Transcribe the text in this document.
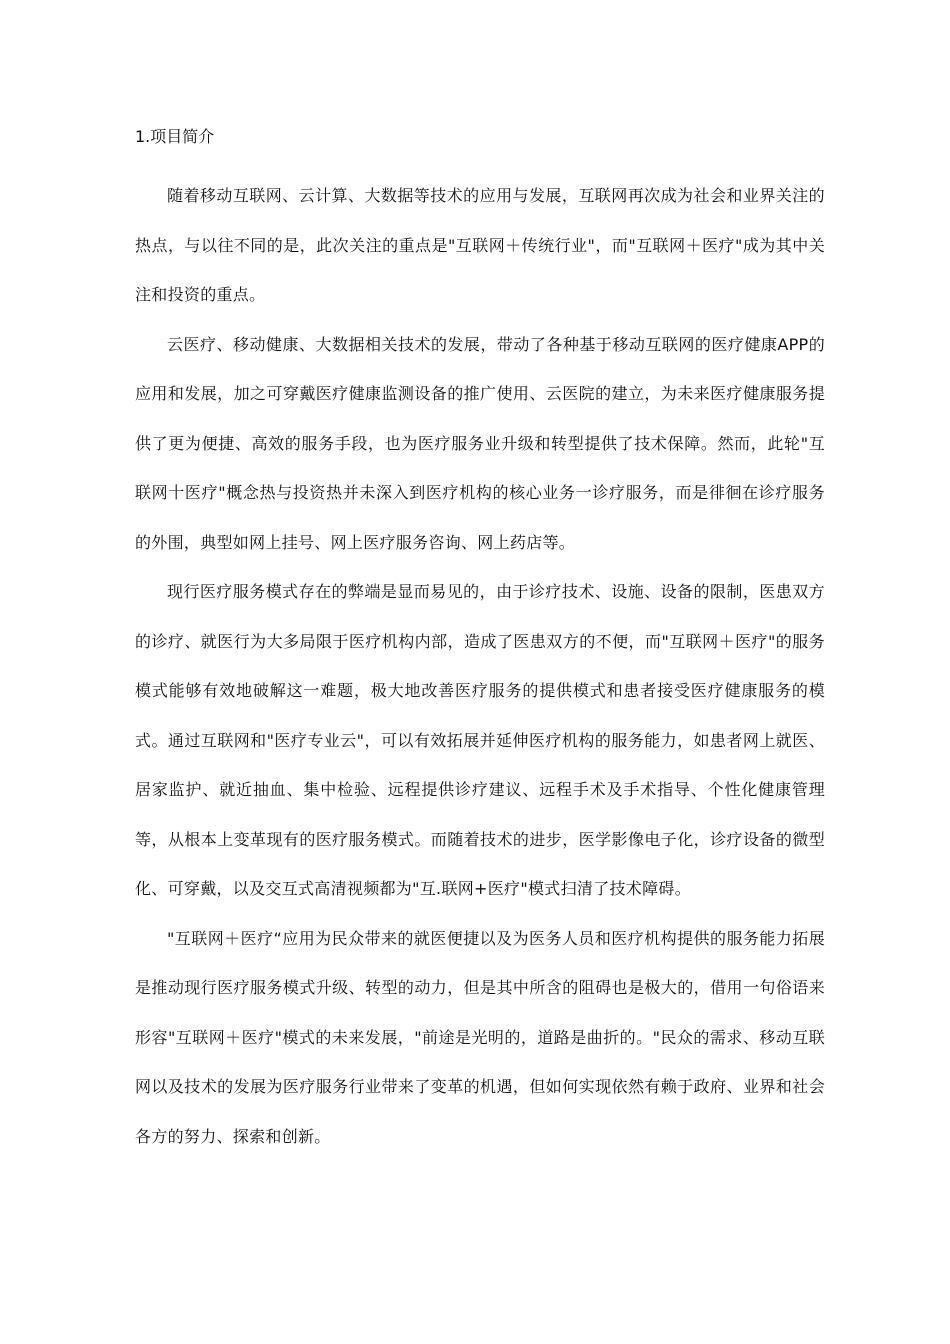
1.项目简介

随着移动互联网、云计算、大数据等技术的应用与发展，互联网再次成为社会和业界关注的热点，与以往不同的是，此次关注的重点是"互联网＋传统行业"，而"互联网＋医疗"成为其中关注和投资的重点。

云医疗、移动健康、大数据相关技术的发展，带动了各种基于移动互联网的医疗健康APP的应用和发展，加之可穿戴医疗健康监测设备的推广使用、云医院的建立，为未来医疗健康服务提供了更为便捷、高效的服务手段，也为医疗服务业升级和转型提供了技术保障。然而，此轮"互联网十医疗"概念热与投资热并未深入到医疗机构的核心业务一诊疗服务，而是徘徊在诊疗服务的外围，典型如网上挂号、网上医疗服务咨询、网上药店等。

现行医疗服务模式存在的弊端是显而易见的，由于诊疗技术、设施、设备的限制，医患双方的诊疗、就医行为大多局限于医疗机构内部，造成了医患双方的不便，而"互联网＋医疗"的服务模式能够有效地破解这一难题，极大地改善医疗服务的提供模式和患者接受医疗健康服务的模式。通过互联网和"医疗专业云"，可以有效拓展并延伸医疗机构的服务能力，如患者网上就医、居家监护、就近抽血、集中检验、远程提供诊疗建议、远程手术及手术指导、个性化健康管理等，从根本上变革现有的医疗服务模式。而随着技术的进步，医学影像电子化，诊疗设备的微型化、可穿戴，以及交互式高清视频都为"互.联网+医疗"模式扫清了技术障碍。

"互联网＋医疗“应用为民众带来的就医便捷以及为医务人员和医疗机构提供的服务能力拓展是推动现行医疗服务模式升级、转型的动力，但是其中所含的阻碍也是极大的，借用一句俗语来形容"互联网＋医疗"模式的未来发展，"前途是光明的，道路是曲折的。"民众的需求、移动互联网以及技术的发展为医疗服务行业带来了变革的机遇，但如何实现依然有赖于政府、业界和社会各方的努力、探索和创新。
